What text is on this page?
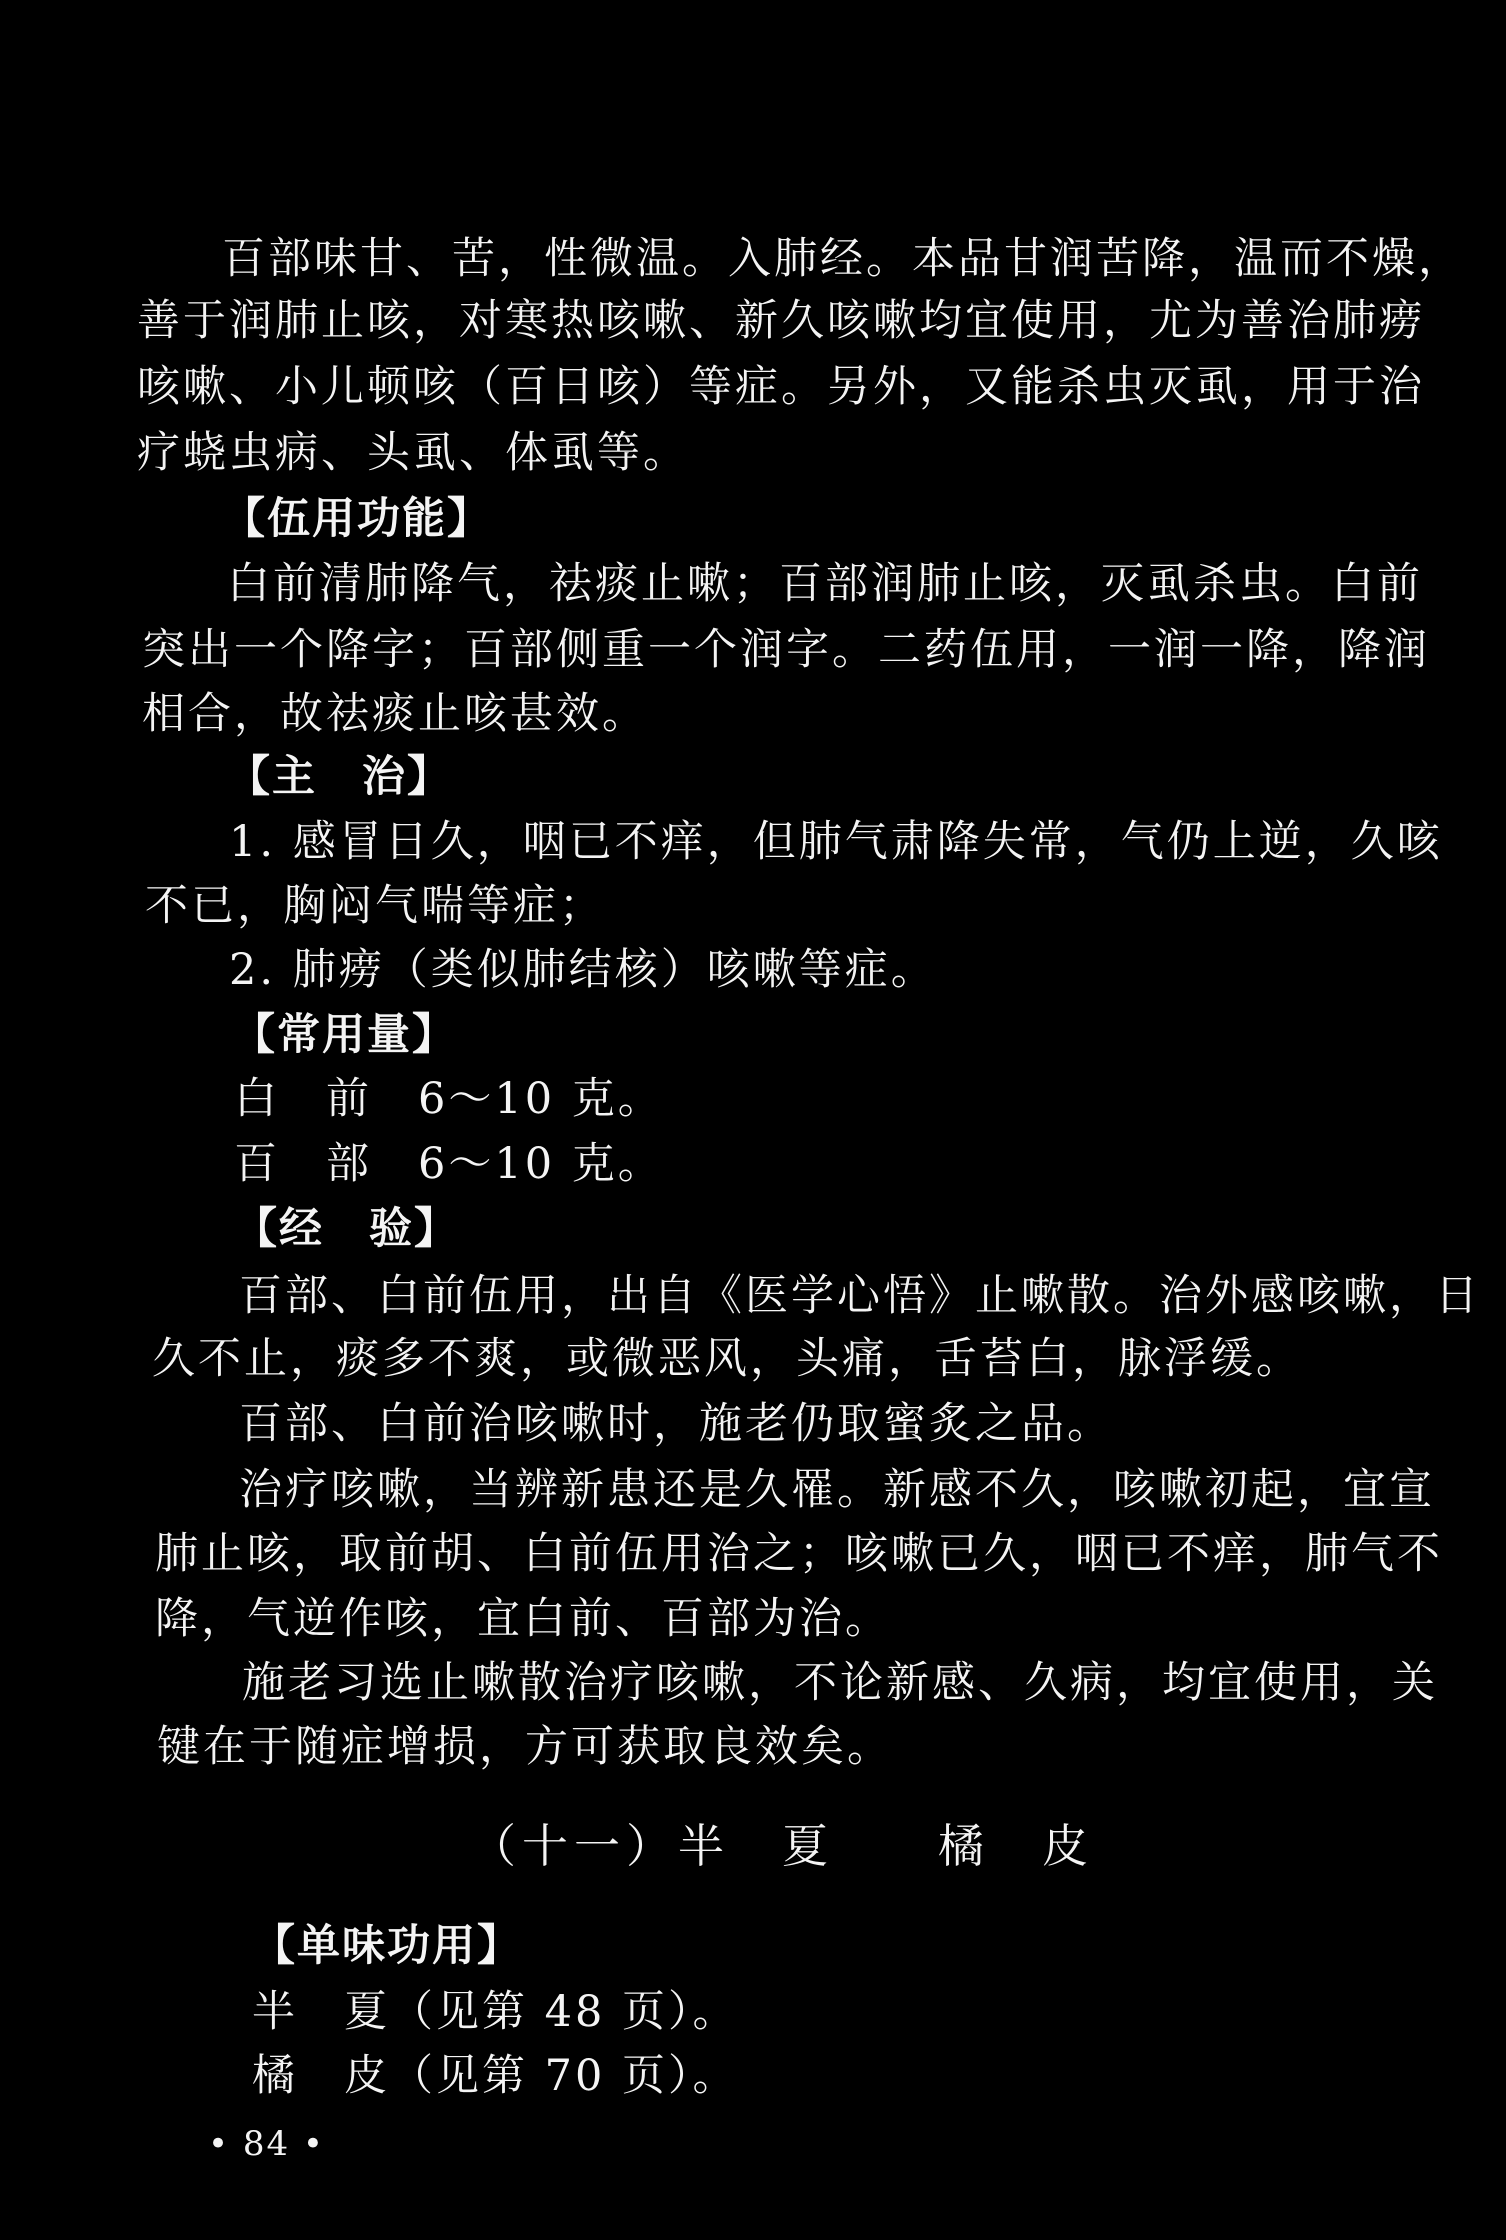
百部味甘、苦，性微温。入肺经。本品甘润苦降，温而不燥，

善于润肺止咳，对寒热咳嗽、新久咳嗽均宜使用，尤为善治肺痨

咳嗽、小儿顿咳（百日咳）等症。另外，又能杀虫灭虱，用于治

疗蛲虫病、头虱、体虱等。

【伍用功能】

白前清肺降气，祛痰止嗽；百部润肺止咳，灭虱杀虫。白前

突出一个降字；百部侧重一个润字。二药伍用，一润一降，降润

相合，故祛痰止咳甚效。

【主　治】

1. 感冒日久，咽已不痒，但肺气肃降失常，气仍上逆，久咳

不已，胸闷气喘等症；

2. 肺痨（类似肺结核）咳嗽等症。

【常用量】

白　前　6～10 克。

百　部　6～10 克。

【经　验】

百部、白前伍用，出自《医学心悟》止嗽散。治外感咳嗽，日

久不止，痰多不爽，或微恶风，头痛，舌苔白，脉浮缓。

百部、白前治咳嗽时，施老仍取蜜炙之品。

治疗咳嗽，当辨新患还是久罹。新感不久，咳嗽初起，宜宣

肺止咳，取前胡、白前伍用治之；咳嗽已久，咽已不痒，肺气不

降，气逆作咳，宜白前、百部为治。

施老习选止嗽散治疗咳嗽，不论新感、久病，均宜使用，关

键在于随症增损，方可获取良效矣。

（十一）半　夏　　橘　皮

【单味功用】

半　夏（见第 48 页）。

橘　皮（见第 70 页）。

• 84 •
